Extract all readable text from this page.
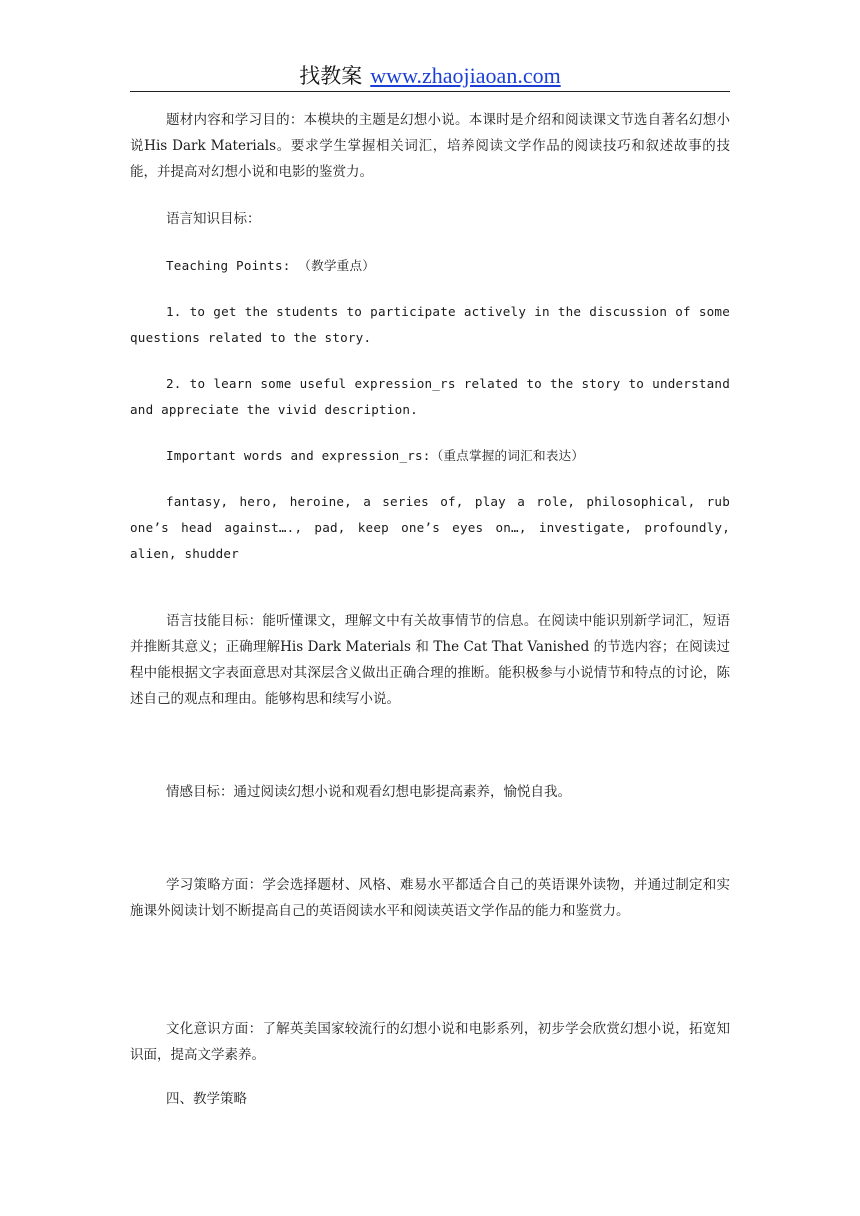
找教案 www.zhaojiaoan.com

题材内容和学习目的：本模块的主题是幻想小说。本课时是介绍和阅读课文节选自著名幻想小说His Dark Materials。要求学生掌握相关词汇，培养阅读文学作品的阅读技巧和叙述故事的技能，并提高对幻想小说和电影的鉴赏力。

语言知识目标：

Teaching Points: （教学重点）

1. to get the students to participate actively in the discussion of some questions related to the story.

2. to learn some useful expression_rs related to the story to understand and appreciate the vivid description.

Important words and expression_rs:（重点掌握的词汇和表达）

fantasy, hero, heroine, a series of, play a role, philosophical, rub one’s head against…., pad, keep one’s eyes on…, investigate, profoundly, alien, shudder

语言技能目标：能听懂课文，理解文中有关故事情节的信息。在阅读中能识别新学词汇，短语并推断其意义；正确理解His Dark Materials 和 The Cat That Vanished 的节选内容；在阅读过程中能根据文字表面意思对其深层含义做出正确合理的推断。能积极参与小说情节和特点的讨论，陈述自己的观点和理由。能够构思和续写小说。

情感目标：通过阅读幻想小说和观看幻想电影提高素养，愉悦自我。

学习策略方面：学会选择题材、风格、难易水平都适合自己的英语课外读物，并通过制定和实施课外阅读计划不断提高自己的英语阅读水平和阅读英语文学作品的能力和鉴赏力。

文化意识方面：了解英美国家较流行的幻想小说和电影系列，初步学会欣赏幻想小说，拓宽知识面，提高文学素养。

四、教学策略
